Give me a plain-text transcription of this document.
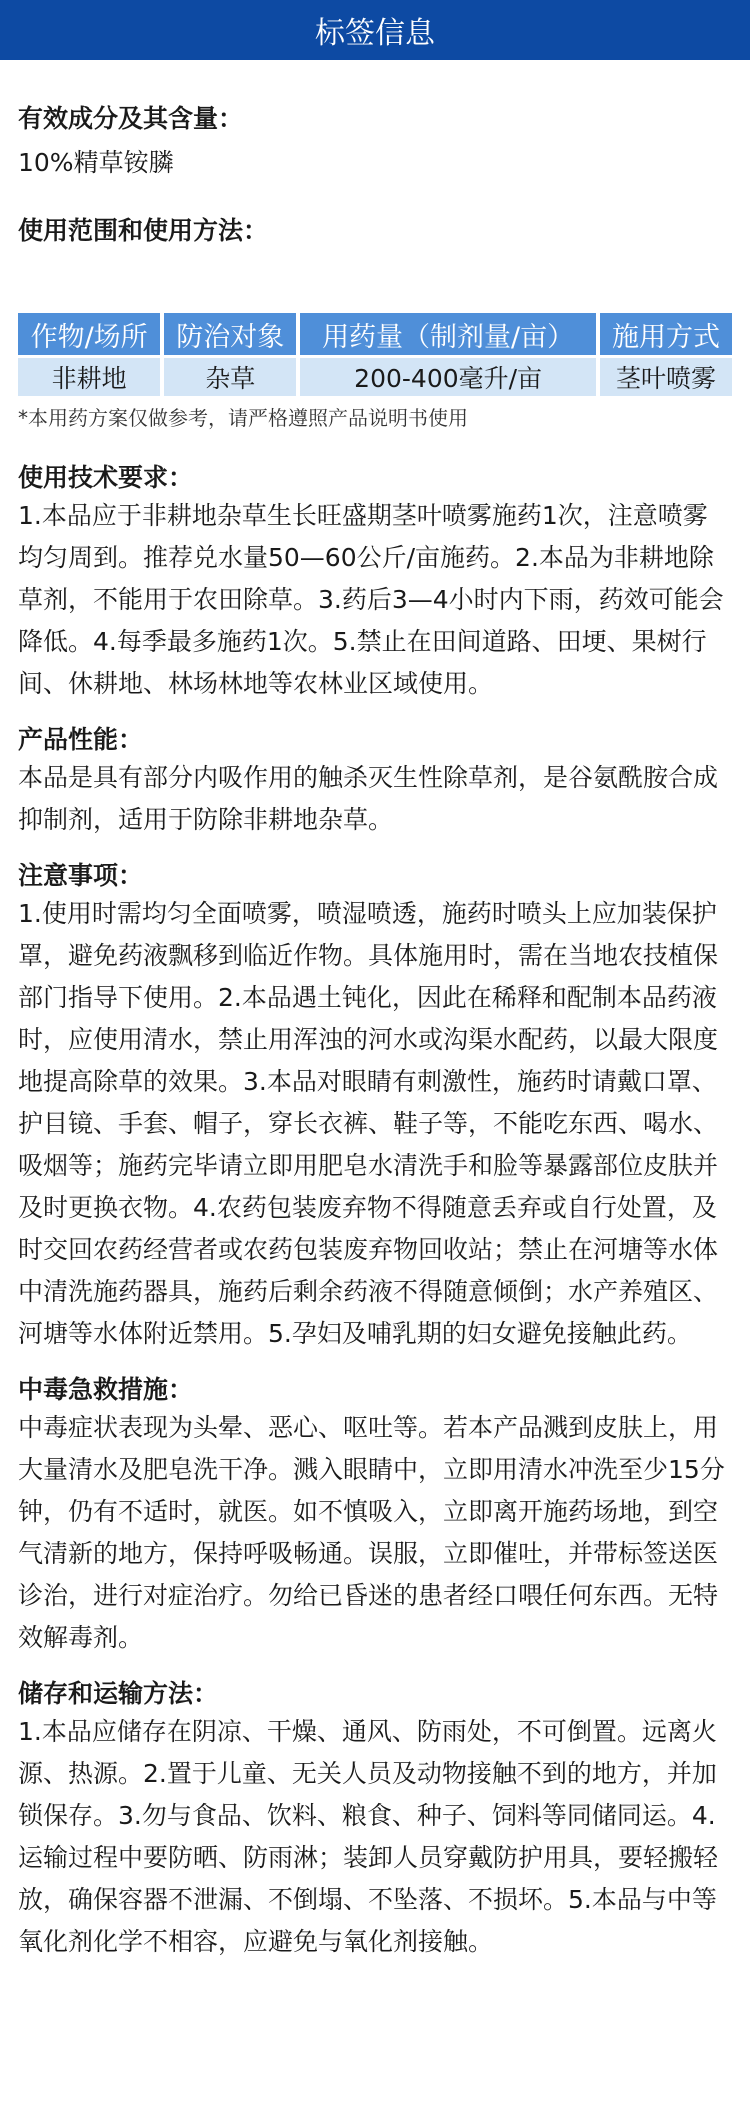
标签信息
有效成分及其含量：
10%精草铵膦
使用范围和使用方法：
作物/场所	防治对象	用药量（制剂量/亩）	施用方式
非耕地	杂草	200-400毫升/亩	茎叶喷雾
*本用药方案仅做参考，请严格遵照产品说明书使用
使用技术要求：
1.本品应于非耕地杂草生长旺盛期茎叶喷雾施药1次，注意喷雾均匀周到。推荐兑水量50—60公斤/亩施药。2.本品为非耕地除草剂，不能用于农田除草。3.药后3—4小时内下雨，药效可能会降低。4.每季最多施药1次。5.禁止在田间道路、田埂、果树行间、休耕地、林场林地等农林业区域使用。
产品性能：
本品是具有部分内吸作用的触杀灭生性除草剂，是谷氨酰胺合成抑制剂，适用于防除非耕地杂草。
注意事项：
1.使用时需均匀全面喷雾，喷湿喷透，施药时喷头上应加装保护罩，避免药液飘移到临近作物。具体施用时，需在当地农技植保部门指导下使用。2.本品遇土钝化，因此在稀释和配制本品药液时，应使用清水，禁止用浑浊的河水或沟渠水配药，以最大限度地提高除草的效果。3.本品对眼睛有刺激性，施药时请戴口罩、护目镜、手套、帽子，穿长衣裤、鞋子等，不能吃东西、喝水、吸烟等；施药完毕请立即用肥皂水清洗手和脸等暴露部位皮肤并及时更换衣物。4.农药包装废弃物不得随意丢弃或自行处置，及时交回农药经营者或农药包装废弃物回收站；禁止在河塘等水体中清洗施药器具，施药后剩余药液不得随意倾倒；水产养殖区、河塘等水体附近禁用。5.孕妇及哺乳期的妇女避免接触此药。
中毒急救措施：
中毒症状表现为头晕、恶心、呕吐等。若本产品溅到皮肤上，用大量清水及肥皂洗干净。溅入眼睛中，立即用清水冲洗至少15分钟，仍有不适时，就医。如不慎吸入，立即离开施药场地，到空气清新的地方，保持呼吸畅通。误服，立即催吐，并带标签送医诊治，进行对症治疗。勿给已昏迷的患者经口喂任何东西。无特效解毒剂。
储存和运输方法：
1.本品应储存在阴凉、干燥、通风、防雨处，不可倒置。远离火源、热源。2.置于儿童、无关人员及动物接触不到的地方，并加锁保存。3.勿与食品、饮料、粮食、种子、饲料等同储同运。4.运输过程中要防晒、防雨淋；装卸人员穿戴防护用具，要轻搬轻放，确保容器不泄漏、不倒塌、不坠落、不损坏。5.本品与中等氧化剂化学不相容，应避免与氧化剂接触。
